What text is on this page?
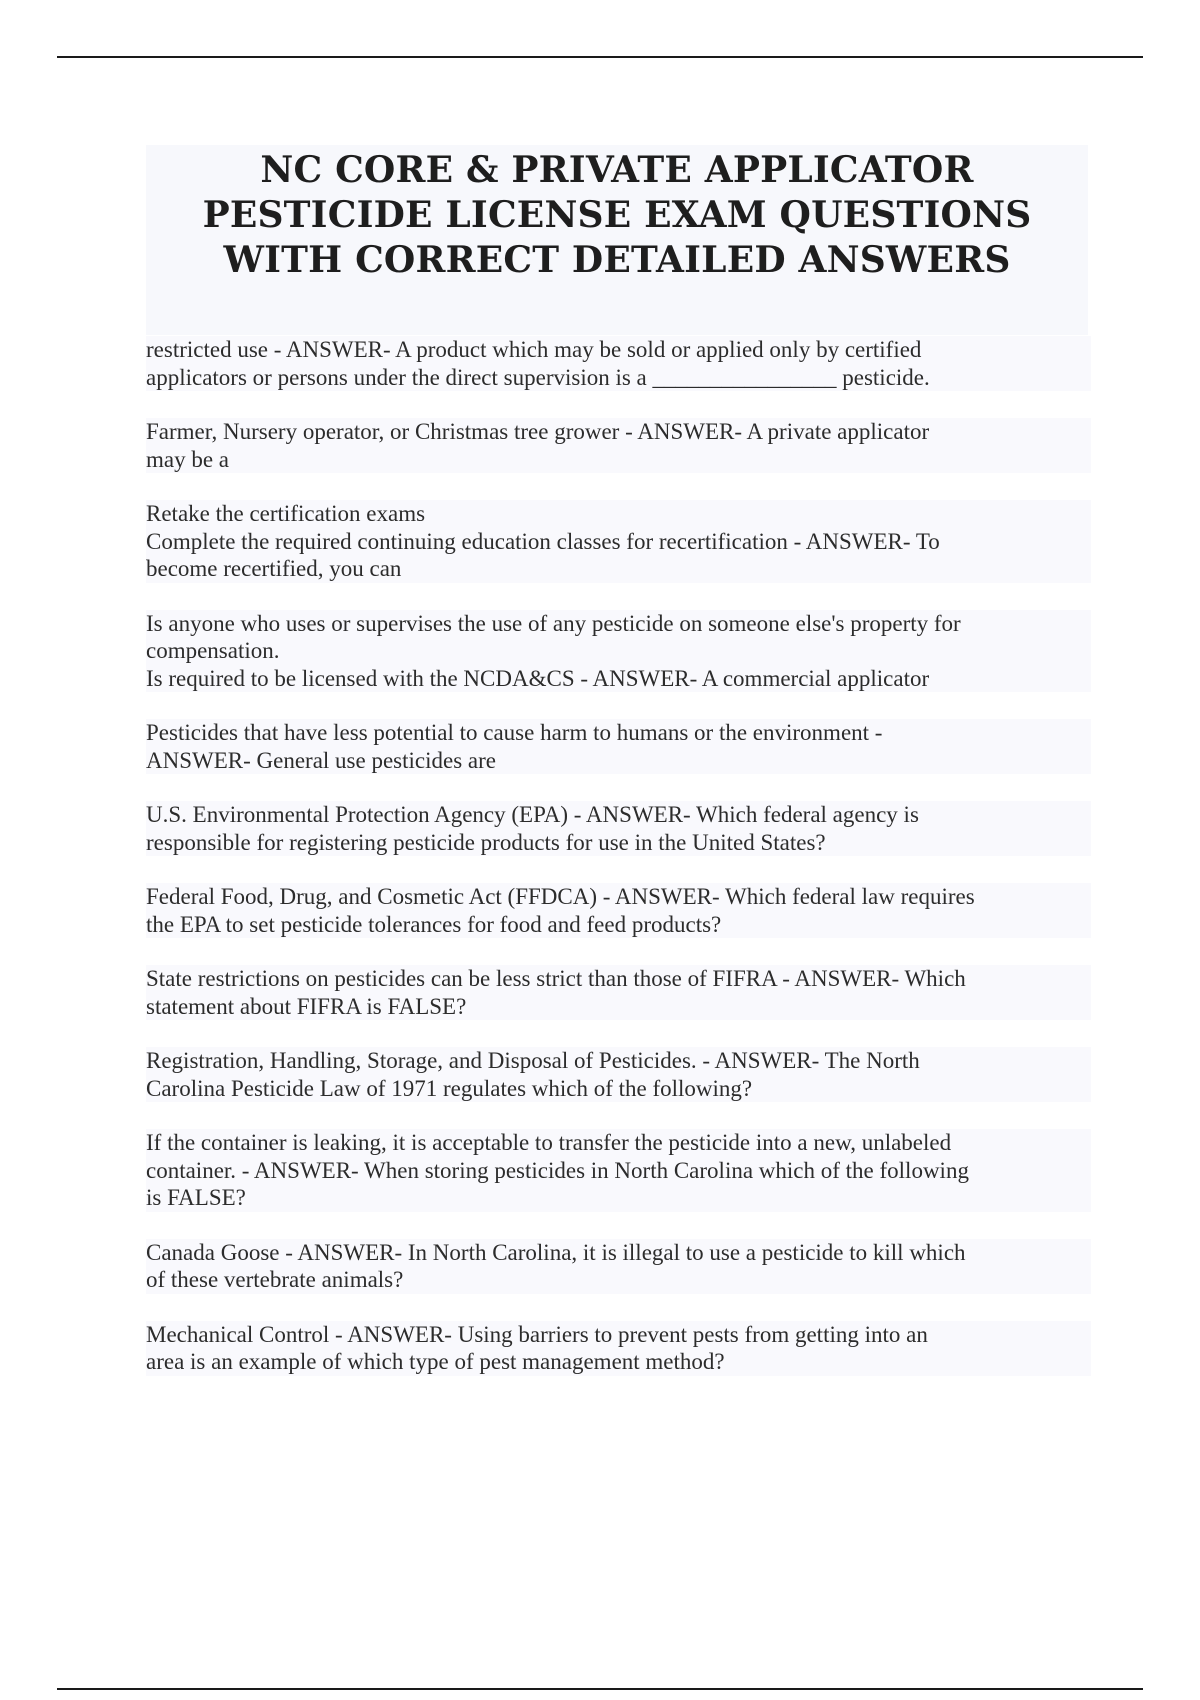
NC CORE & PRIVATE APPLICATOR
PESTICIDE LICENSE EXAM QUESTIONS
WITH CORRECT DETAILED ANSWERS
restricted use - ANSWER- A product which may be sold or applied only by certified
applicators or persons under the direct supervision is a ________________ pesticide.
Farmer, Nursery operator, or Christmas tree grower - ANSWER- A private applicator
may be a
Retake the certification exams
Complete the required continuing education classes for recertification - ANSWER- To
become recertified, you can
Is anyone who uses or supervises the use of any pesticide on someone else's property for
compensation.
Is required to be licensed with the NCDA&CS - ANSWER- A commercial applicator
Pesticides that have less potential to cause harm to humans or the environment -
ANSWER- General use pesticides are
U.S. Environmental Protection Agency (EPA) - ANSWER- Which federal agency is
responsible for registering pesticide products for use in the United States?
Federal Food, Drug, and Cosmetic Act (FFDCA) - ANSWER- Which federal law requires
the EPA to set pesticide tolerances for food and feed products?
State restrictions on pesticides can be less strict than those of FIFRA - ANSWER- Which
statement about FIFRA is FALSE?
Registration, Handling, Storage, and Disposal of Pesticides. - ANSWER- The North
Carolina Pesticide Law of 1971 regulates which of the following?
If the container is leaking, it is acceptable to transfer the pesticide into a new, unlabeled
container. - ANSWER- When storing pesticides in North Carolina which of the following
is FALSE?
Canada Goose - ANSWER- In North Carolina, it is illegal to use a pesticide to kill which
of these vertebrate animals?
Mechanical Control - ANSWER- Using barriers to prevent pests from getting into an
area is an example of which type of pest management method?
